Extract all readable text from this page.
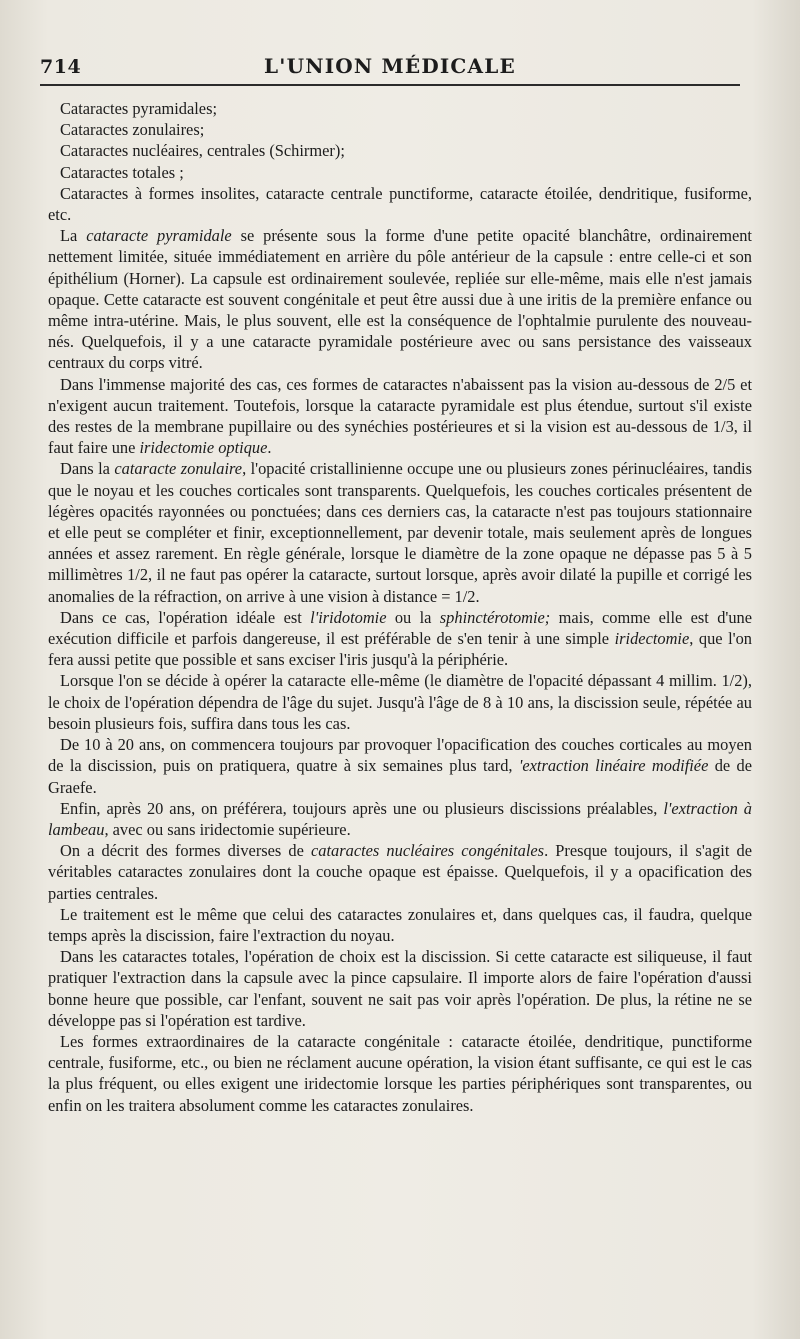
714	L'UNION MÉDICALE

Cataractes pyramidales;

Cataractes zonulaires;

Cataractes nucléaires, centrales (Schirmer);

Cataractes totales ;

Cataractes à formes insolites, cataracte centrale punctiforme, cataracte étoilée, dendritique, fusiforme, etc.

La cataracte pyramidale se présente sous la forme d'une petite opacité blanchâtre, ordinairement nettement limitée, située immédiatement en arrière du pôle antérieur de la capsule : entre celle-ci et son épithélium (Horner). La capsule est ordinairement soulevée, repliée sur elle-même, mais elle n'est jamais opaque. Cette cataracte est souvent congénitale et peut être aussi due à une iritis de la première enfance ou même intra-utérine. Mais, le plus souvent, elle est la conséquence de l'ophtalmie purulente des nouveau-nés. Quelquefois, il y a une cataracte pyramidale postérieure avec ou sans persistance des vaisseaux centraux du corps vitré.

Dans l'immense majorité des cas, ces formes de cataractes n'abaissent pas la vision au-dessous de 2/5 et n'exigent aucun traitement. Toutefois, lorsque la cataracte pyramidale est plus étendue, surtout s'il existe des restes de la membrane pupillaire ou des synéchies postérieures et si la vision est au-dessous de 1/3, il faut faire une iridectomie optique.

Dans la cataracte zonulaire, l'opacité cristallinienne occupe une ou plusieurs zones périnucléaires, tandis que le noyau et les couches corticales sont transparents. Quelquefois, les couches corticales présentent de légères opacités rayonnées ou ponctuées; dans ces derniers cas, la cataracte n'est pas toujours stationnaire et elle peut se compléter et finir, exceptionnellement, par devenir totale, mais seulement après de longues années et assez rarement. En règle générale, lorsque le diamètre de la zone opaque ne dépasse pas 5 à 5 millimètres 1/2, il ne faut pas opérer la cataracte, surtout lorsque, après avoir dilaté la pupille et corrigé les anomalies de la réfraction, on arrive à une vision à distance = 1/2.

Dans ce cas, l'opération idéale est l'iridotomie ou la sphinctérotomie; mais, comme elle est d'une exécution difficile et parfois dangereuse, il est préférable de s'en tenir à une simple iridectomie, que l'on fera aussi petite que possible et sans exciser l'iris jusqu'à la périphérie.

Lorsque l'on se décide à opérer la cataracte elle-même (le diamètre de l'opacité dépassant 4 millim. 1/2), le choix de l'opération dépendra de l'âge du sujet. Jusqu'à l'âge de 8 à 10 ans, la discission seule, répétée au besoin plusieurs fois, suffira dans tous les cas.

De 10 à 20 ans, on commencera toujours par provoquer l'opacification des couches corticales au moyen de la discission, puis on pratiquera, quatre à six semaines plus tard, 'extraction linéaire modifiée de de Graefe.

Enfin, après 20 ans, on préférera, toujours après une ou plusieurs discissions préalables, l'extraction à lambeau, avec ou sans iridectomie supérieure.

On a décrit des formes diverses de cataractes nucléaires congénitales. Presque toujours, il s'agit de véritables cataractes zonulaires dont la couche opaque est épaisse. Quelquefois, il y a opacification des parties centrales.

Le traitement est le même que celui des cataractes zonulaires et, dans quelques cas, il faudra, quelque temps après la discission, faire l'extraction du noyau.

Dans les cataractes totales, l'opération de choix est la discission. Si cette cataracte est siliqueuse, il faut pratiquer l'extraction dans la capsule avec la pince capsulaire. Il importe alors de faire l'opération d'aussi bonne heure que possible, car l'enfant, souvent ne sait pas voir après l'opération. De plus, la rétine ne se développe pas si l'opération est tardive.

Les formes extraordinaires de la cataracte congénitale : cataracte étoilée, dendritique, punctiforme centrale, fusiforme, etc., ou bien ne réclament aucune opération, la vision étant suffisante, ce qui est le cas la plus fréquent, ou elles exigent une iridectomie lorsque les parties périphériques sont transparentes, ou enfin on les traitera absolument comme les cataractes zonulaires.
